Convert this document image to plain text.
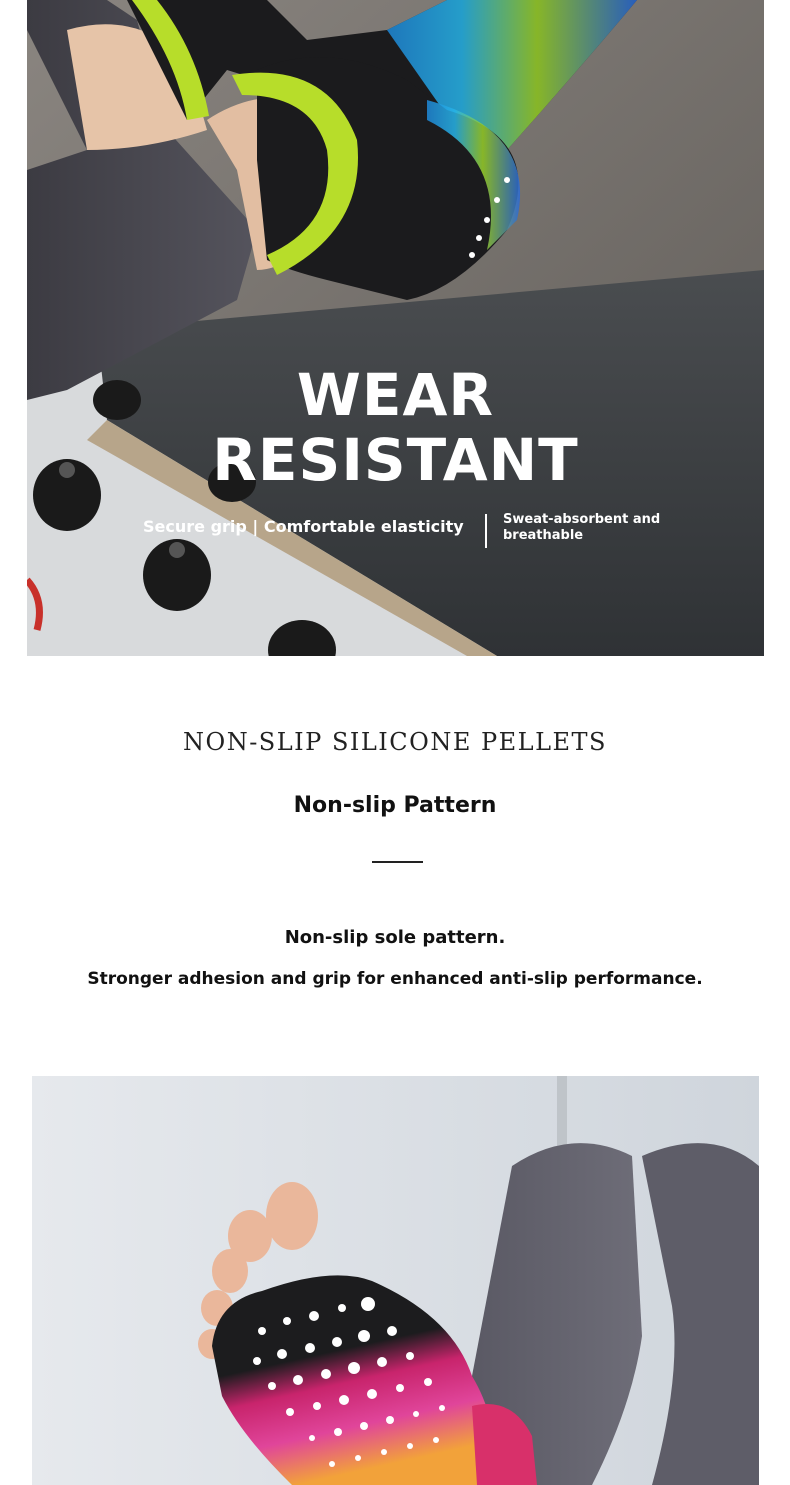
WEAR
RESISTANT
Secure grip | Comfortable elasticity	Sweat-absorbent and breathable
NON-SLIP SILICONE PELLETS
Non-slip Pattern
Non-slip sole pattern.
Stronger adhesion and grip for enhanced anti-slip performance.
